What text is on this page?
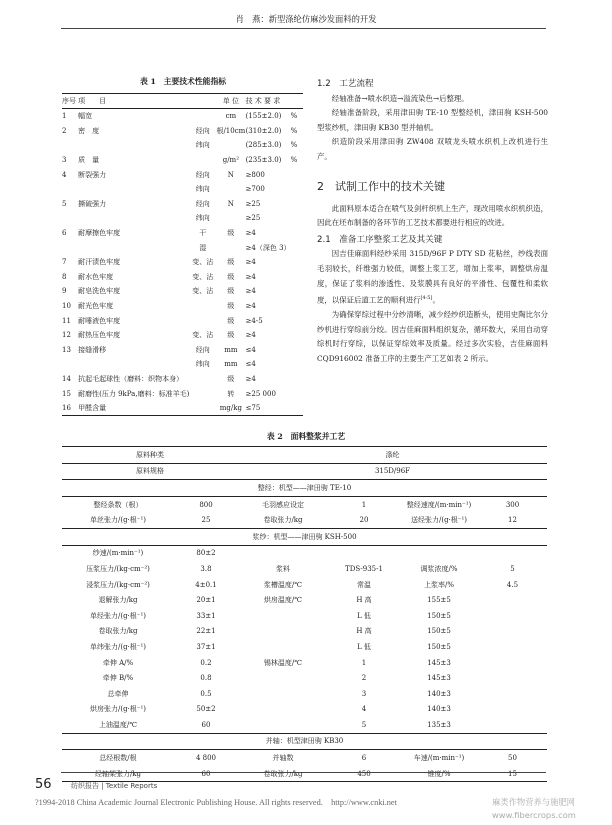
肖　燕：新型涤纶仿麻沙发面料的开发
表 1　主要技术性能指标
序号	项　　目		单 位	技 术 要 求	
1	幅宽		cm	(155±2.0)	%
2	密　度	经向	根/10cm	(310±2.0)	%
		纬向		(285±3.0)	%
3	质　量		g/m²	(235±3.0)	%
4	断裂强力	经向	N	≥800	
		纬向		≥700	
5	撕破强力	经向	N	≥25	
		纬向		≥25	
6	耐摩擦色牢度	干	级	≥4	
		湿		≥4（深色 3）	
7	耐汗渍色牢度	变、沾	级	≥4	
8	耐水色牢度	变、沾	级	≥4	
9	耐皂洗色牢度	变、沾	级	≥4	
10	耐光色牢度		级	≥4	
11	耐唾液色牢度		级	≥4-5	
12	耐热压色牢度	变、沾	级	≥4	
13	接缝滑移	经向	mm	≤4	
		纬向	mm	≤4	
14	抗起毛起球性（磨料：织物本身）		级	≥4	
15	耐磨性(压力 9kPa,磨料：标准羊毛)		转	≥25 000	
16	甲醛含量		mg/kg	≤75	
1.2　工艺流程

经轴准备→喷水织造→溢流染色→后整理。

经轴准备阶段，采用津田驹 TE-10 型整经机，津田驹 KSH-500 型浆纱机，津田驹 KB30 型并轴机。

织造阶段采用津田驹 ZW408 双喷龙头喷水织机上改机进行生产。

2　试制工作中的技术关键

此面料原本适合在喷气及剑杆织机上生产，现改用喷水织机织造，因此在坯布制备的各环节的工艺技术都要进行相应的改进。

2.1　准备工序整浆工艺及其关键

因吉佳麻面料经纱采用 315D/96F P DTY SD 花粘丝，纱线表面毛羽较长，纤维强力较低，调整上浆工艺，增加上浆率，调整烘房温度，保证了浆料的渗透性、及浆膜具有良好的平滑性、包覆性和柔软度，以保证后道工艺的顺利进行[4-5]。

为确保穿综过程中分纱清晰，减少经纱织造断头，使用史陶比尔分纱机进行穿综前分绞。因吉佳麻面料组织复杂，循环数大，采用自动穿综机时行穿综，以保证穿综效率及质量。经过多次实验，吉佳麻面料 CQD916002 准备工序的主要生产工艺如表 2 所示。

表 2　面料整浆并工艺
原料种类		涤纶			
原料规格		315D/96F			
整经：机型——津田驹 TE-10					
整经条数（根）	800	毛羽感应设定	1	整经速度/(m·min⁻¹)	300
单丝张力/(g·根⁻¹)	25	卷取张力/kg	20	送经张力/(g·根⁻¹)	12
浆纱：机型——津田驹 KSH-500					
纱速/(m·min⁻¹)	80±2				
压浆压力/(kg·cm⁻²)	3.8	浆料	TDS-935-1	调浆浓度/%	5
浸浆压力/(kg·cm⁻²)	4±0.1	浆槽温度/℃	常温	上浆率/%	4.5
退解张力/kg	20±1	烘房温度/℃	H 高	155±5	
单经张力/(g·根⁻¹)	33±1		L 低	150±5	
卷取张力/kg	22±1		H 高	150±5	
单纬张力/(g·根⁻¹)	37±1		L 低	150±5	
牵伸 A/%	0.2	锡林温度/℃	1	145±3	
牵伸 B/%	0.8		2	145±3	
总牵伸	0.5		3	140±3	
烘房张力/(g·根⁻¹)	50±2		4	140±3	
上油温度/℃	60		5	135±3	
并轴：机型津田驹 KB30					
总经根数/根	4 800	并轴数	6	车速/(m·min⁻¹)	50
经轴架张力/kg	60	卷取张力/kg	450	锥度/%	15
56	纺织报告 | Textile Reports
?1994-2018 China Academic Journal Electronic Publishing House. All rights reserved.　http://www.cnki.net	麻类作物营养与施肥网
www.fibercrops.com
